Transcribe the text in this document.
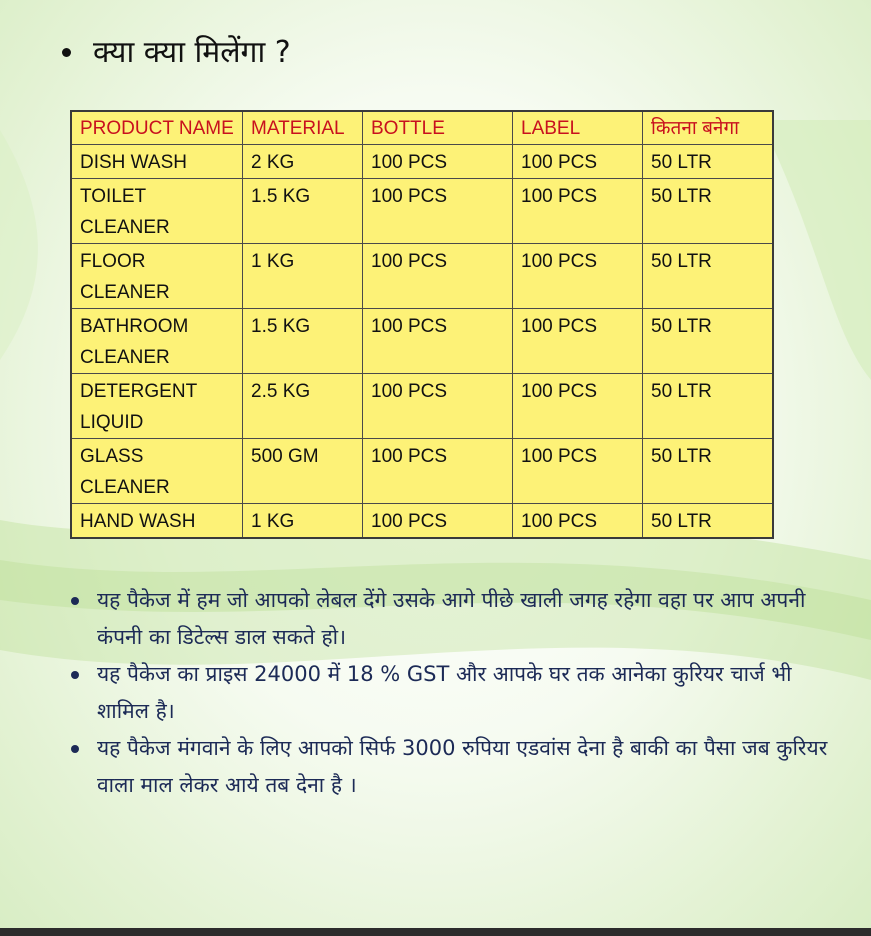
क्या क्या मिलेंगा ?
PRODUCT NAME	MATERIAL	BOTTLE	LABEL	कितना बनेगा
DISH WASH	2 KG	100 PCS	100 PCS	50 LTR
TOILET CLEANER	1.5 KG	100 PCS	100 PCS	50 LTR
FLOOR CLEANER	1 KG	100 PCS	100 PCS	50 LTR
BATHROOM CLEANER	1.5 KG	100 PCS	100 PCS	50 LTR
DETERGENT LIQUID	2.5 KG	100 PCS	100 PCS	50 LTR
GLASS CLEANER	500 GM	100 PCS	100 PCS	50 LTR
HAND WASH	1 KG	100 PCS	100 PCS	50 LTR
यह पैकेज में हम जो आपको लेबल देंगे उसके आगे पीछे खाली जगह रहेगा वहा पर आप अपनी कंपनी का डिटेल्स डाल सकते हो।
यह पैकेज का प्राइस 24000 में 18 % GST और आपके घर तक आनेका कुरियर चार्ज भी शामिल है।
यह पैकेज मंगवाने के लिए आपको सिर्फ 3000 रुपिया एडवांस देना है बाकी का पैसा जब कुरियर वाला माल लेकर आये तब देना है ।
